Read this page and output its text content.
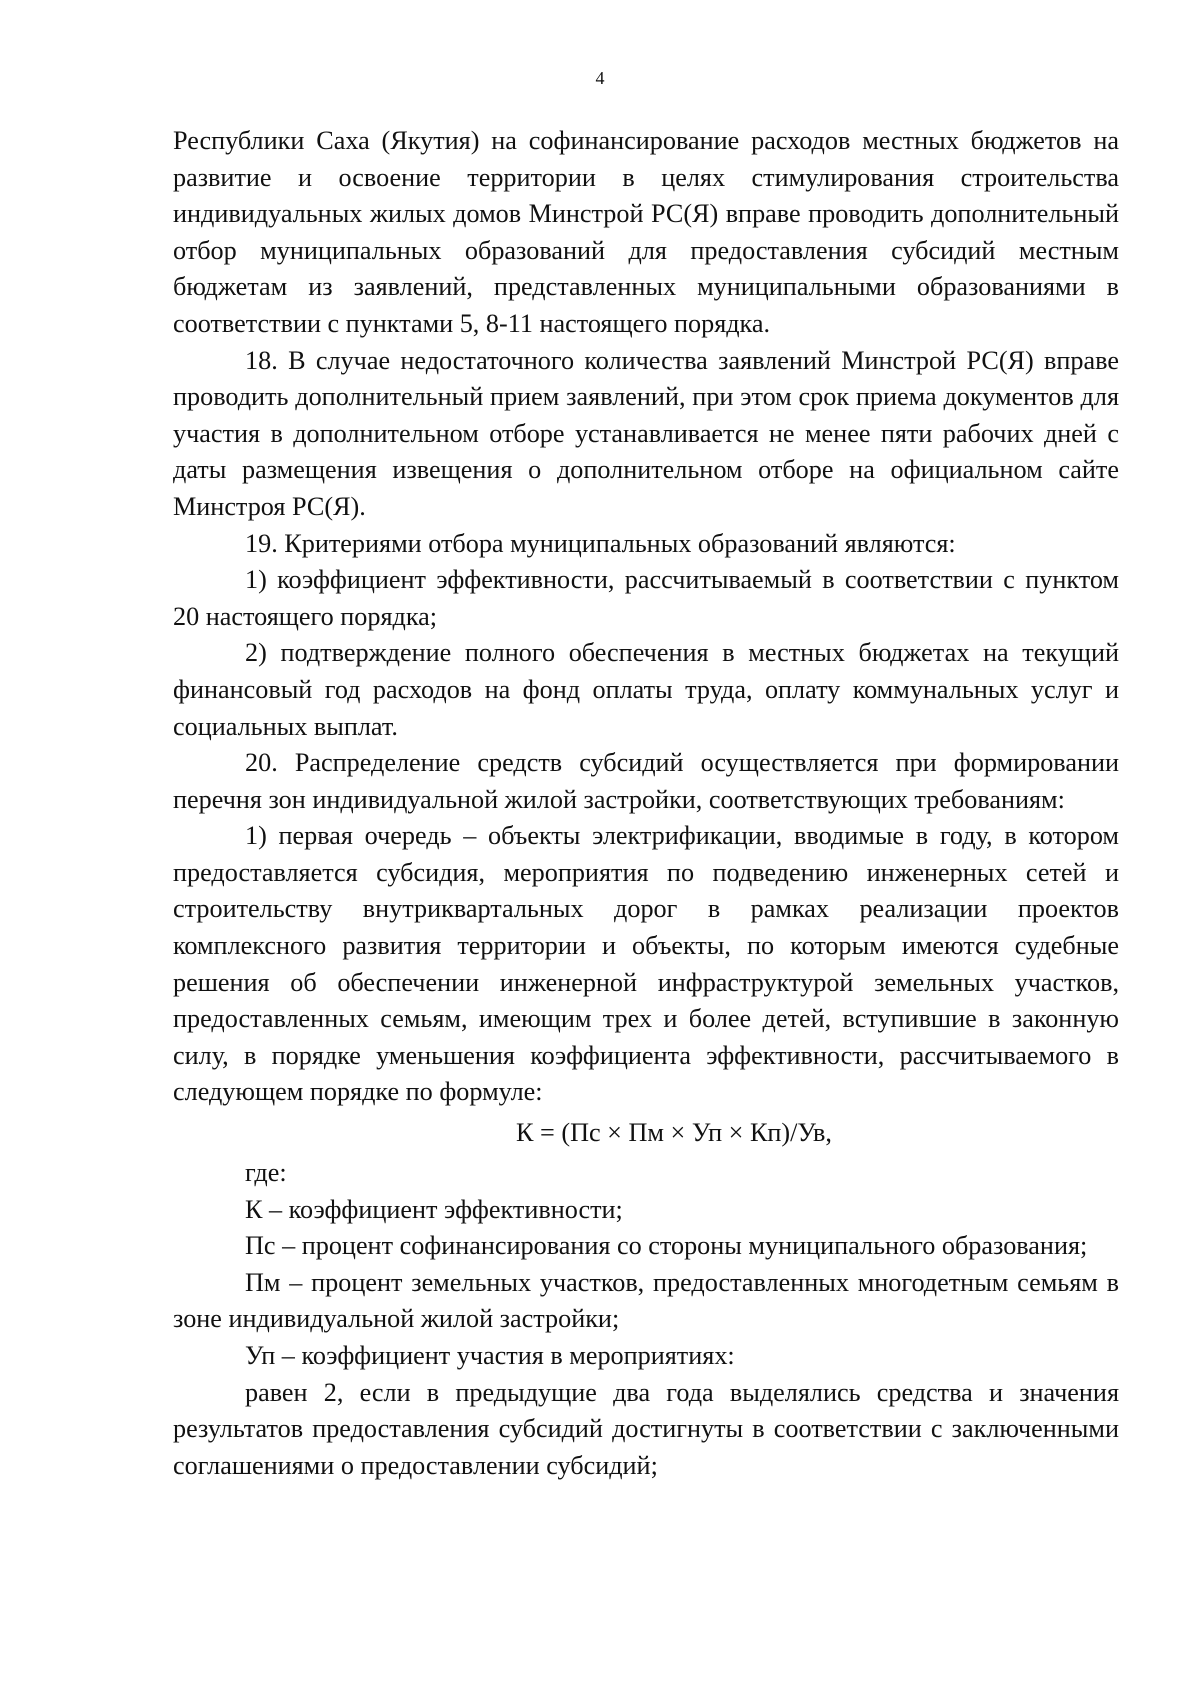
4

Республики Саха (Якутия) на софинансирование расходов местных бюджетов на развитие и освоение территории в целях стимулирования строительства индивидуальных жилых домов Минстрой РС(Я) вправе проводить дополнительный отбор муниципальных образований для предоставления субсидий местным бюджетам из заявлений, представленных муниципальными образованиями в соответствии с пунктами 5, 8-11 настоящего порядка.

18. В случае недостаточного количества заявлений Минстрой РС(Я) вправе проводить дополнительный прием заявлений, при этом срок приема документов для участия в дополнительном отборе устанавливается не менее пяти рабочих дней с даты размещения извещения о дополнительном отборе на официальном сайте Минстроя РС(Я).

19. Критериями отбора муниципальных образований являются:

1) коэффициент эффективности, рассчитываемый в соответствии с пунктом 20 настоящего порядка;

2) подтверждение полного обеспечения в местных бюджетах на текущий финансовый год расходов на фонд оплаты труда, оплату коммунальных услуг и социальных выплат.

20. Распределение средств субсидий осуществляется при формировании перечня зон индивидуальной жилой застройки, соответствующих требованиям:

1) первая очередь – объекты электрификации, вводимые в году, в котором предоставляется субсидия, мероприятия по подведению инженерных сетей и строительству внутриквартальных дорог в рамках реализации проектов комплексного развития территории и объекты, по которым имеются судебные решения об обеспечении инженерной инфраструктурой земельных участков, предоставленных семьям, имеющим трех и более детей, вступившие в законную силу, в порядке уменьшения коэффициента эффективности, рассчитываемого в следующем порядке по формуле:

К = (Пс × Пм × Уп × Кп)/Ув,

где:

К – коэффициент эффективности;

Пс – процент софинансирования со стороны муниципального образования;

Пм – процент земельных участков, предоставленных многодетным семьям в зоне индивидуальной жилой застройки;

Уп – коэффициент участия в мероприятиях:

равен 2, если в предыдущие два года выделялись средства и значения результатов предоставления субсидий достигнуты в соответствии с заключенными соглашениями о предоставлении субсидий;
